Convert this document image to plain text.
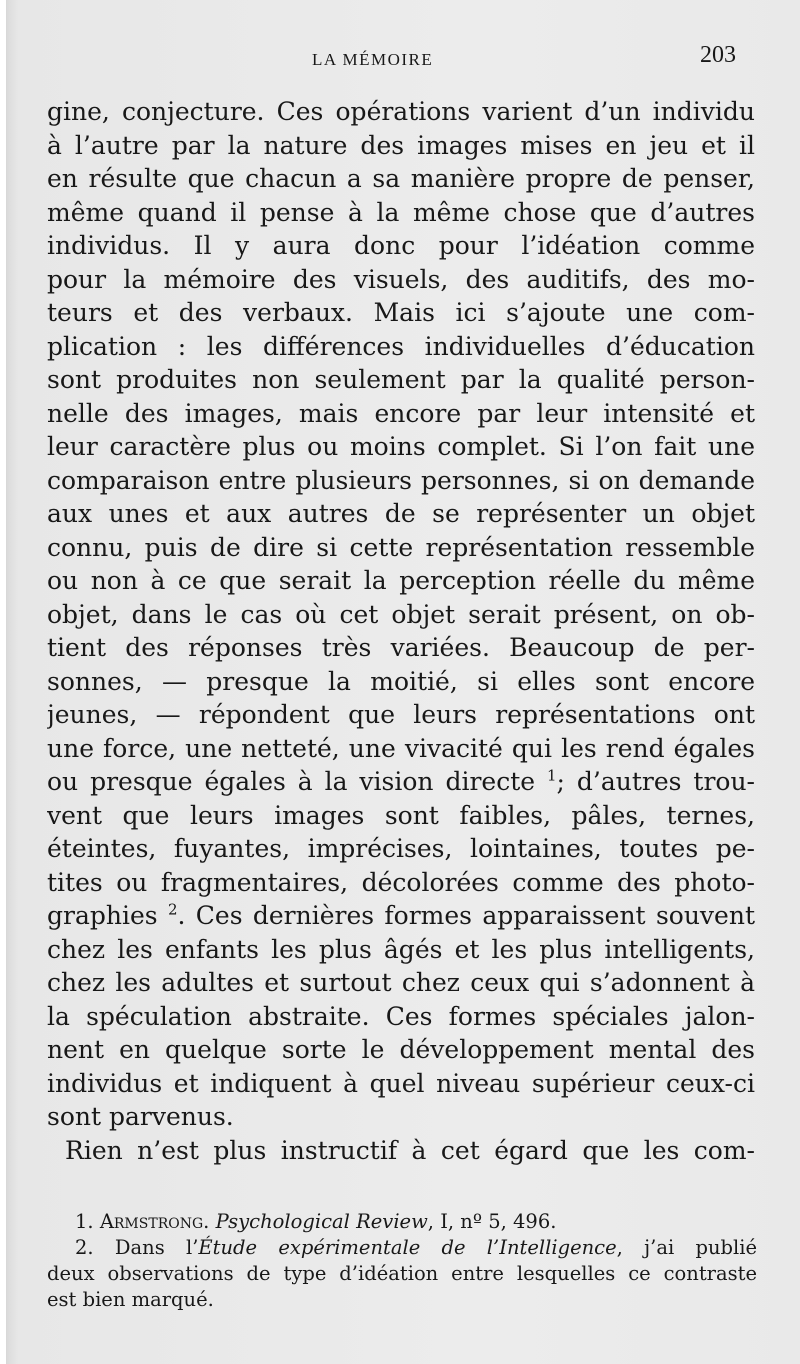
LA MÉMOIRE	203
gine, conjecture. Ces opérations varient d’un individu
à l’autre par la nature des images mises en jeu et il
en résulte que chacun a sa manière propre de penser,
même quand il pense à la même chose que d’autres
individus. Il y aura donc pour l’idéation comme
pour la mémoire des visuels, des auditifs, des mo-
teurs et des verbaux. Mais ici s’ajoute une com-
plication : les différences individuelles d’éducation
sont produites non seulement par la qualité person-
nelle des images, mais encore par leur intensité et
leur caractère plus ou moins complet. Si l’on fait une
comparaison entre plusieurs personnes, si on demande
aux unes et aux autres de se représenter un objet
connu, puis de dire si cette représentation ressemble
ou non à ce que serait la perception réelle du même
objet, dans le cas où cet objet serait présent, on ob-
tient des réponses très variées. Beaucoup de per-
sonnes, — presque la moitié, si elles sont encore
jeunes, — répondent que leurs représentations ont
une force, une netteté, une vivacité qui les rend égales
ou presque égales à la vision directe $^1$; d’autres trou-
vent que leurs images sont faibles, pâles, ternes,
éteintes, fuyantes, imprécises, lointaines, toutes pe-
tites ou fragmentaires, décolorées comme des photo-
graphies $^2$. Ces dernières formes apparaissent souvent
chez les enfants les plus âgés et les plus intelligents,
chez les adultes et surtout chez ceux qui s’adonnent à
la spéculation abstraite. Ces formes spéciales jalon-
nent en quelque sorte le développement mental des
individus et indiquent à quel niveau supérieur ceux-ci
sont parvenus.
Rien n’est plus instructif à cet égard que les com-
1. Armstrong. Psychological Review, I, nº 5, 496.
2. Dans l’Étude expérimentale de l’Intelligence, j’ai publié
deux observations de type d’idéation entre lesquelles ce contraste
est bien marqué.
